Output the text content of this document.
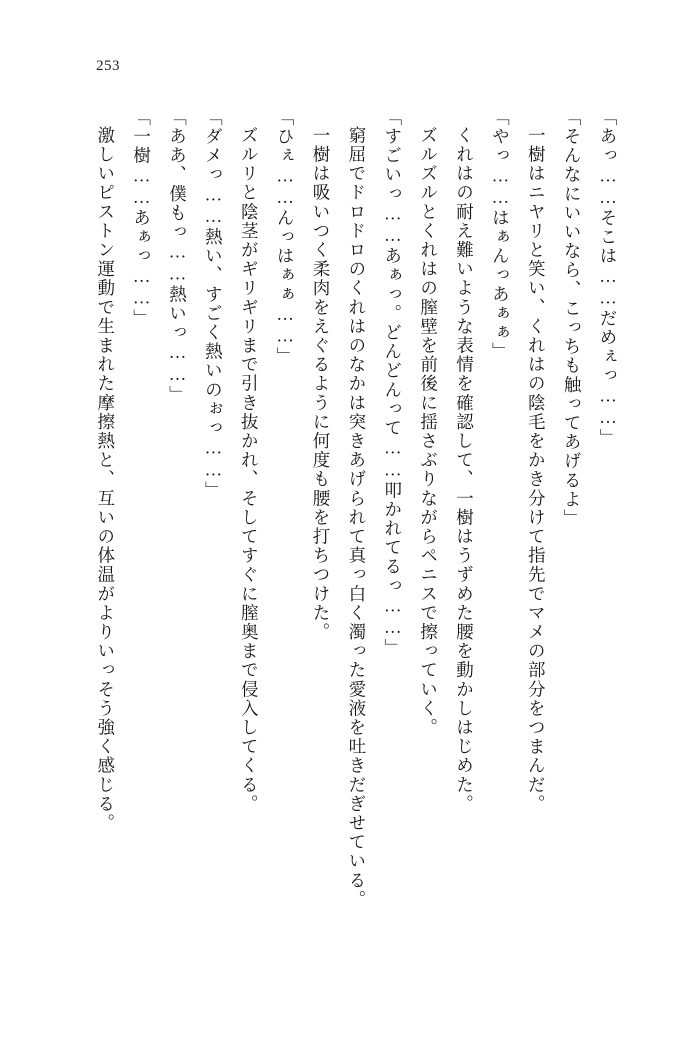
253

「あっ……そこは……だめぇっ……」

「そんなにいいなら、こっちも触ってあげるよ」

一樹はニヤリと笑い、くれはの陰毛をかき分けて指先でマメの部分をつまんだ。

「やっ……はぁんっあぁぁ」

くれはの耐え難いような表情を確認して、一樹はうずめた腰を動かしはじめた。

ズルズルとくれはの膣壁を前後に揺さぶりながらペニスで擦っていく。

「すごいっ……あぁっ。どんどんって……叩かれてるっ……」

窮屈でドロドロのくれはのなかは突きあげられて真っ白く濁った愛液を吐きだぎせている。

一樹は吸いつく柔肉をえぐるように何度も腰を打ちつけた。

「ひぇ……んっはぁぁ……」

ズルリと陰茎がギリギリまで引き抜かれ、そしてすぐに膣奥まで侵入してくる。

「ダメっ……熱い、すごく熱いのぉっ……」

「ああ、僕もっ……熱いっ……」

「一樹……あぁっ……」

激しいピストン運動で生まれた摩擦熱と、互いの体温がよりいっそう強く感じる。
